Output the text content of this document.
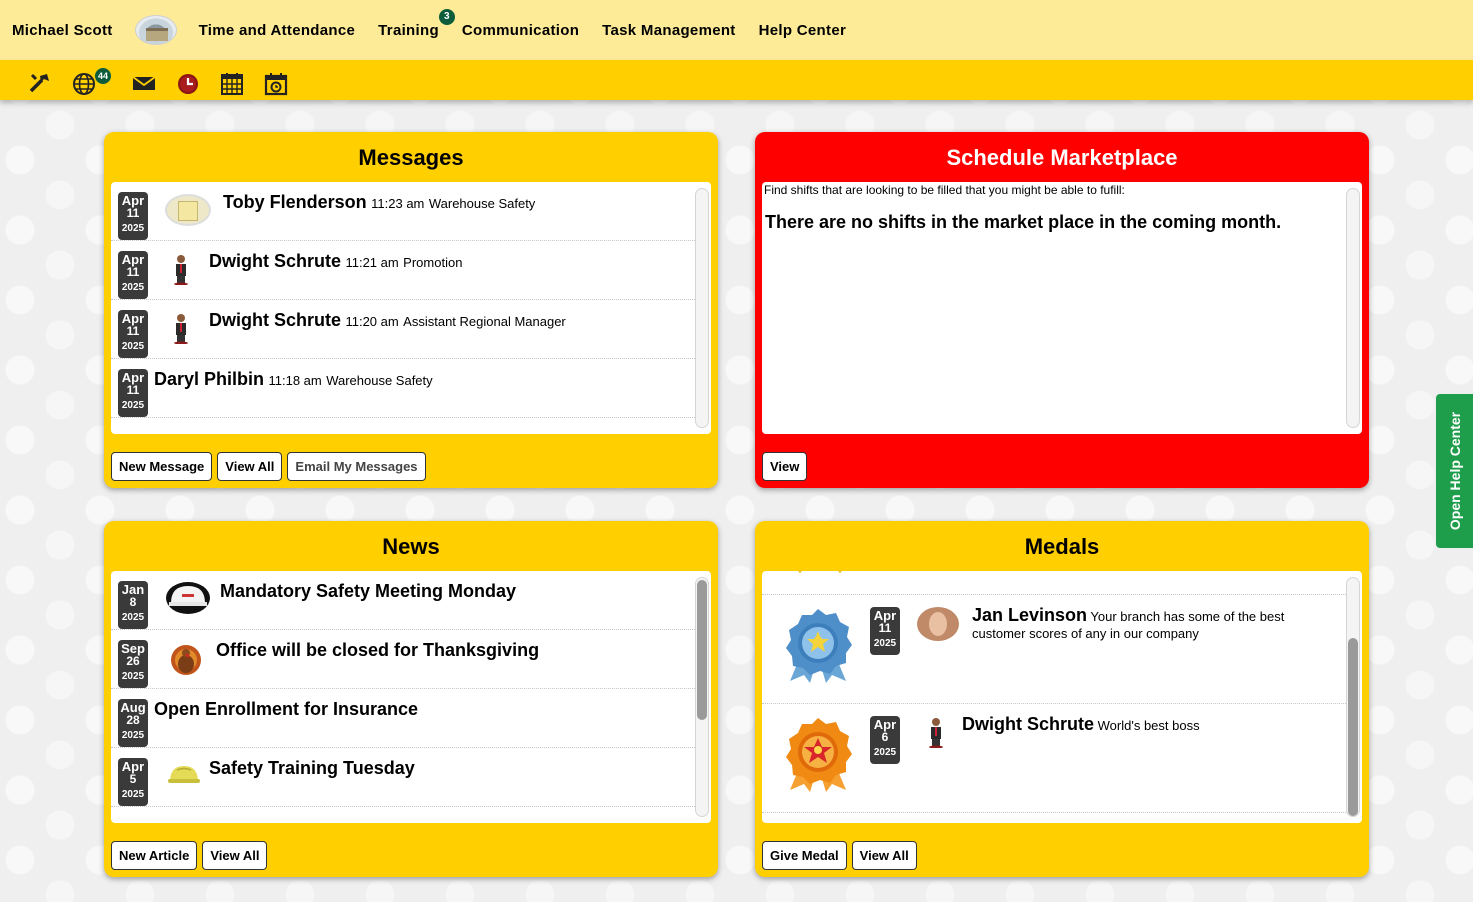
Michael Scott	Time and Attendance Training
3
Communication Task Management Help Center
44
Messages
Apr
11
2025
Toby Flenderson 11:23 am Warehouse Safety
Apr
11
2025
Dwight Schrute 11:21 am Promotion
Apr
11
2025
Dwight Schrute 11:20 am Assistant Regional Manager
Apr
11
2025
Daryl Philbin 11:18 am Warehouse Safety
New Message	View All	Email My Messages
Schedule Marketplace
Find shifts that are looking to be filled that you might be able to fufill:
There are no shifts in the market place in the coming month.
View
News
Jan
8
2025
Mandatory Safety Meeting Monday
Sep
26
2025
Office will be closed for Thanksgiving
Aug
28
2025
Open Enrollment for Insurance
Apr
5
2025
Safety Training Tuesday
New Article	View All
Medals
Apr
11
2025
Jan Levinson Your branch has some of the best customer scores of any in our company
Apr
6
2025
Dwight Schrute World's best boss
Give Medal	View All
Open Help Center
